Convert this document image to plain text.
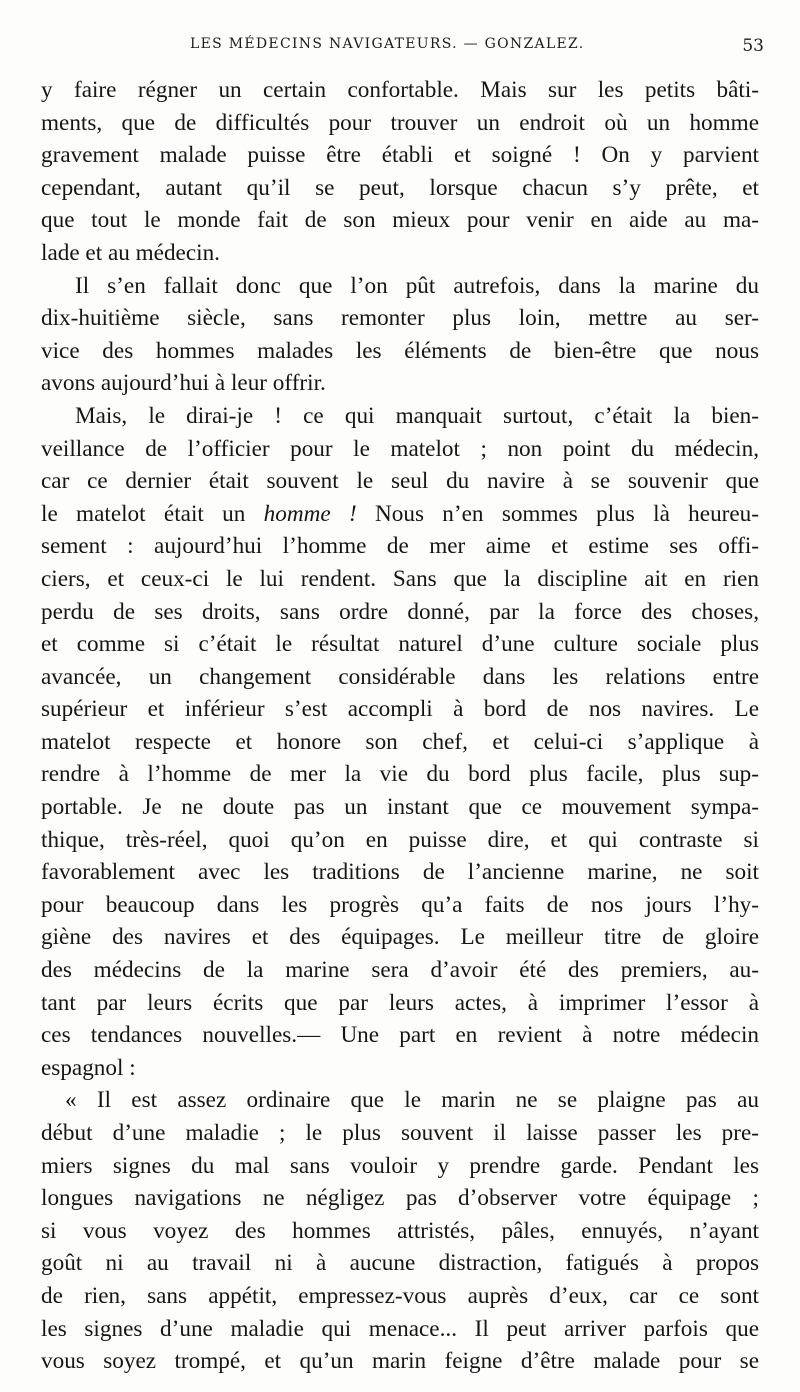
LES MÉDECINS NAVIGATEURS. — GONZALEZ.	53
y faire régner un certain confortable. Mais sur les petits bâti-
ments, que de difficultés pour trouver un endroit où un homme
gravement malade puisse être établi et soigné ! On y parvient
cependant, autant qu’il se peut, lorsque chacun s’y prête, et
que tout le monde fait de son mieux pour venir en aide au ma-
lade et au médecin.
Il s’en fallait donc que l’on pût autrefois, dans la marine du
dix-huitième siècle, sans remonter plus loin, mettre au ser-
vice des hommes malades les éléments de bien-être que nous
avons aujourd’hui à leur offrir.
Mais, le dirai-je ! ce qui manquait surtout, c’était la bien-
veillance de l’officier pour le matelot ; non point du médecin,
car ce dernier était souvent le seul du navire à se souvenir que
le matelot était un homme ! Nous n’en sommes plus là heureu-
sement : aujourd’hui l’homme de mer aime et estime ses offi-
ciers, et ceux-ci le lui rendent. Sans que la discipline ait en rien
perdu de ses droits, sans ordre donné, par la force des choses,
et comme si c’était le résultat naturel d’une culture sociale plus
avancée, un changement considérable dans les relations entre
supérieur et inférieur s’est accompli à bord de nos navires. Le
matelot respecte et honore son chef, et celui-ci s’applique à
rendre à l’homme de mer la vie du bord plus facile, plus sup-
portable. Je ne doute pas un instant que ce mouvement sympa-
thique, très-réel, quoi qu’on en puisse dire, et qui contraste si
favorablement avec les traditions de l’ancienne marine, ne soit
pour beaucoup dans les progrès qu’a faits de nos jours l’hy-
giène des navires et des équipages. Le meilleur titre de gloire
des médecins de la marine sera d’avoir été des premiers, au-
tant par leurs écrits que par leurs actes, à imprimer l’essor à
ces tendances nouvelles.— Une part en revient à notre médecin
espagnol :
« Il est assez ordinaire que le marin ne se plaigne pas au
début d’une maladie ; le plus souvent il laisse passer les pre-
miers signes du mal sans vouloir y prendre garde. Pendant les
longues navigations ne négligez pas d’observer votre équipage ;
si vous voyez des hommes attristés, pâles, ennuyés, n’ayant
goût ni au travail ni à aucune distraction, fatigués à propos
de rien, sans appétit, empressez-vous auprès d’eux, car ce sont
les signes d’une maladie qui menace... Il peut arriver parfois que
vous soyez trompé, et qu’un marin feigne d’être malade pour se
